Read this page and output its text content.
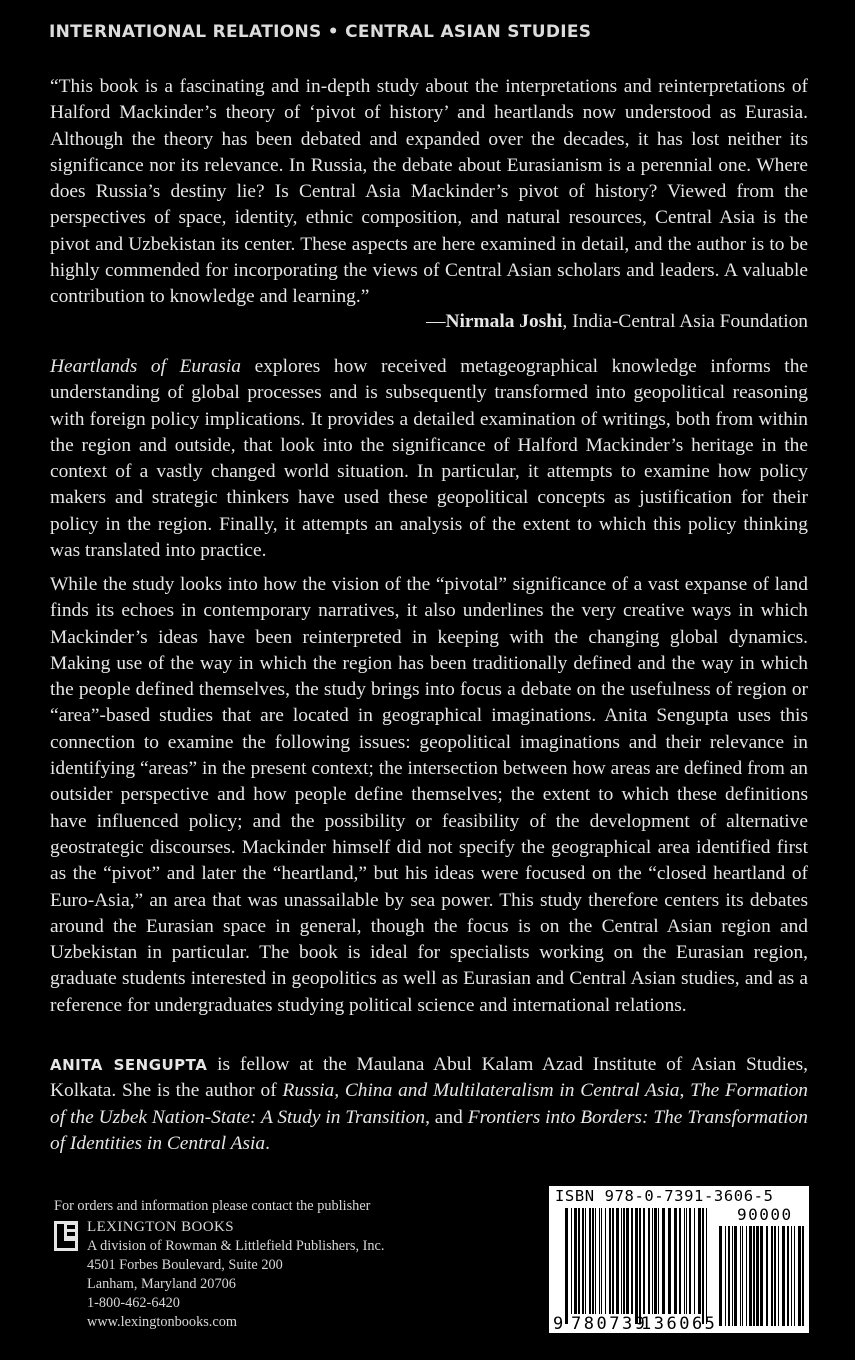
INTERNATIONAL RELATIONS • CENTRAL ASIAN STUDIES
“This book is a fascinating and in-depth study about the interpretations and reinterpretations of Halford Mackinder’s theory of ‘pivot of history’ and heartlands now understood as Eurasia. Although the theory has been debated and expanded over the decades, it has lost neither its significance nor its relevance. In Russia, the debate about Eurasianism is a perennial one. Where does Russia’s destiny lie? Is Central Asia Mackinder’s pivot of history? Viewed from the perspectives of space, identity, ethnic composition, and natural resources, Central Asia is the pivot and Uzbekistan its center. These aspects are here examined in detail, and the author is to be highly commended for incorporating the views of Central Asian scholars and leaders. A valuable contribution to knowledge and learning.”
—Nirmala Joshi, India-Central Asia Foundation
Heartlands of Eurasia explores how received metageographical knowledge informs the understanding of global processes and is subsequently transformed into geopolitical reasoning with foreign policy implications. It provides a detailed examination of writings, both from within the region and outside, that look into the significance of Halford Mackinder’s heritage in the context of a vastly changed world situation. In particular, it attempts to examine how policy makers and strategic thinkers have used these geopolitical concepts as justification for their policy in the region. Finally, it attempts an analysis of the extent to which this policy thinking was translated into practice.
While the study looks into how the vision of the “pivotal” significance of a vast expanse of land finds its echoes in contemporary narratives, it also underlines the very creative ways in which Mackinder’s ideas have been reinterpreted in keeping with the changing global dynamics. Making use of the way in which the region has been traditionally defined and the way in which the people defined themselves, the study brings into focus a debate on the usefulness of region or “area”-based studies that are located in geographical imaginations. Anita Sengupta uses this connection to examine the following issues: geopolitical imaginations and their relevance in identifying “areas” in the present context; the intersection between how areas are defined from an outsider perspective and how people define themselves; the extent to which these definitions have influenced policy; and the possibility or feasibility of the development of alternative geostrategic discourses. Mackinder himself did not specify the geographical area identified first as the “pivot” and later the “heartland,” but his ideas were focused on the “closed heartland of Euro-Asia,” an area that was unassailable by sea power. This study therefore centers its debates around the Eurasian space in general, though the focus is on the Central Asian region and Uzbekistan in particular. The book is ideal for specialists working on the Eurasian region, graduate students interested in geopolitics as well as Eurasian and Central Asian studies, and as a reference for undergraduates studying political science and international relations.
ANITA SENGUPTA is fellow at the Maulana Abul Kalam Azad Institute of Asian Studies, Kolkata. She is the author of Russia, China and Multilateralism in Central Asia, The Formation of the Uzbek Nation-State: A Study in Transition, and Frontiers into Borders: The Transformation of Identities in Central Asia.
For orders and information please contact the publisher
LEXINGTON BOOKS
A division of Rowman & Littlefield Publishers, Inc.
4501 Forbes Boulevard, Suite 200
Lanham, Maryland 20706
1-800-462-6420
www.lexingtonbooks.com
ISBN 978-0-7391-3606-5
90000
9 780739
136065
